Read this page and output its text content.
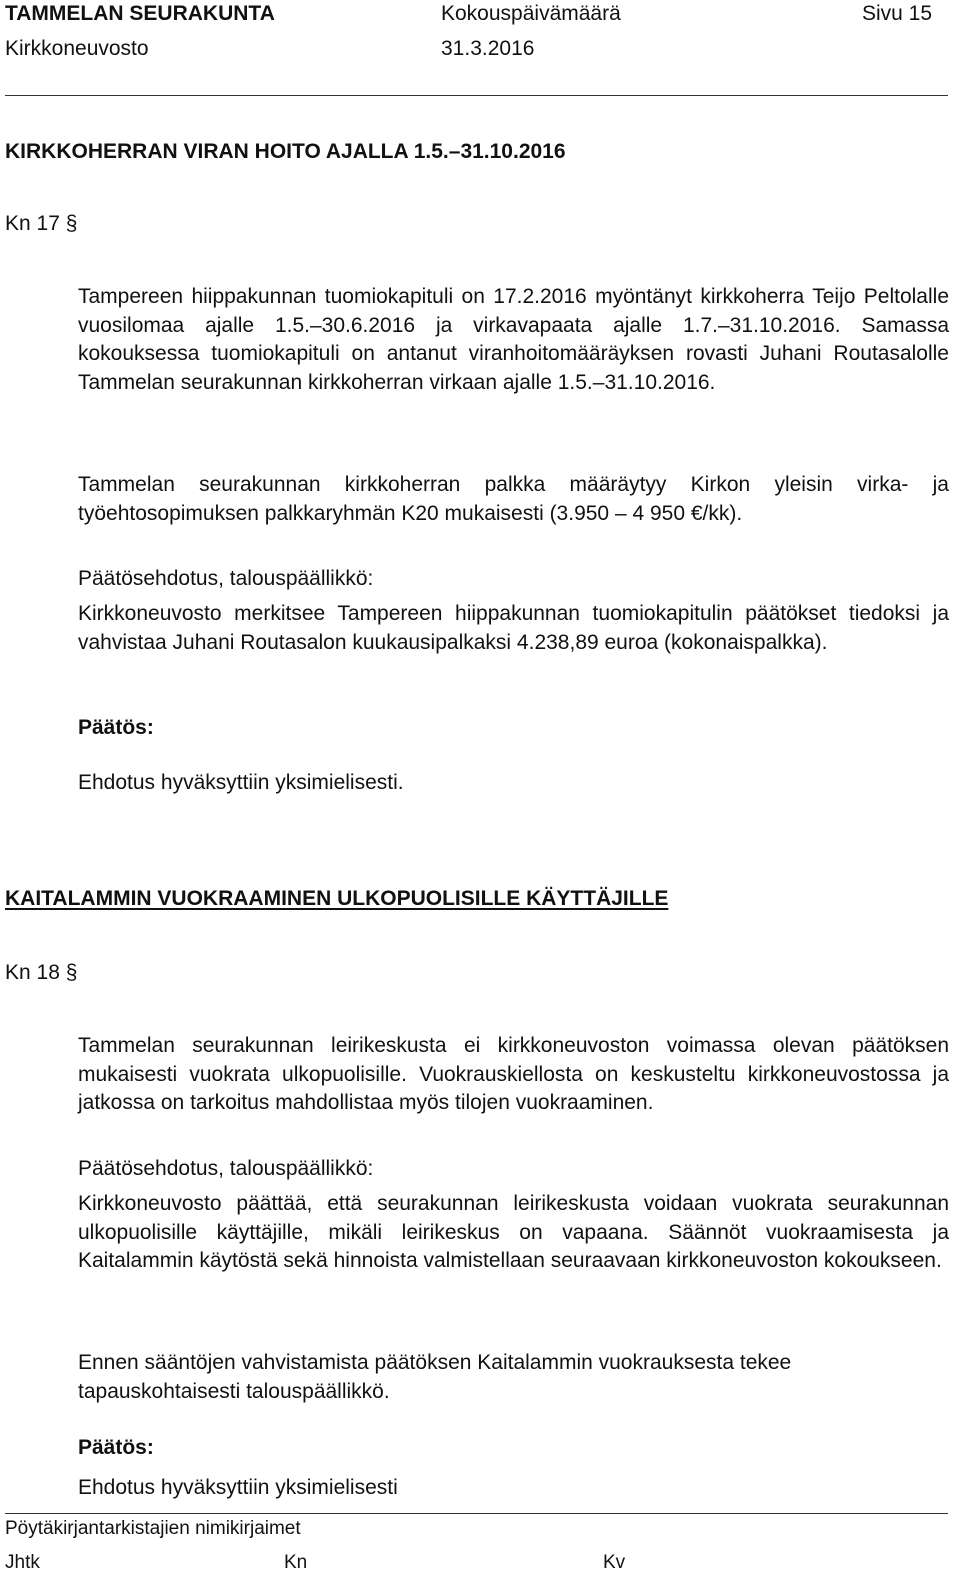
TAMMELAN SEURAKUNTA	Kokouspäivämäärä	Sivu 15
Kirkkoneuvosto	31.3.2016
KIRKKOHERRAN VIRAN HOITO AJALLA 1.5.–31.10.2016
Kn 17 §

Tampereen hiippakunnan tuomiokapituli on 17.2.2016 myöntänyt kirkkoherra Teijo Peltolalle vuosilomaa ajalle 1.5.–30.6.2016 ja virkavapaata ajalle 1.7.–31.10.2016. Samassa kokouksessa tuomiokapituli on antanut viranhoitomääräyksen rovasti Juhani Routasalolle Tammelan seurakunnan kirkkoherran virkaan ajalle 1.5.–31.10.2016.

Tammelan seurakunnan kirkkoherran palkka määräytyy Kirkon yleisin virka- ja työehtosopimuksen palkkaryhmän K20 mukaisesti (3.950 – 4 950 €/kk).

Päätösehdotus, talouspäällikkö:

Kirkkoneuvosto merkitsee Tampereen hiippakunnan tuomiokapitulin päätökset tiedoksi ja vahvistaa Juhani Routasalon kuukausipalkaksi 4.238,89 euroa (kokonaispalkka).

Päätös:
Ehdotus hyväksyttiin yksimielisesti.
KAITALAMMIN VUOKRAAMINEN ULKOPUOLISILLE KÄYTTÄJILLE
Kn 18 §

Tammelan seurakunnan leirikeskusta ei kirkkoneuvoston voimassa olevan päätöksen mukaisesti vuokrata ulkopuolisille. Vuokrauskiellosta on keskusteltu kirkkoneuvostossa ja jatkossa on tarkoitus mahdollistaa myös tilojen vuokraaminen.

Päätösehdotus, talouspäällikkö:

Kirkkoneuvosto päättää, että seurakunnan leirikeskusta voidaan vuokrata seurakunnan ulkopuolisille käyttäjille, mikäli leirikeskus on vapaana. Säännöt vuokraamisesta ja Kaitalammin käytöstä sekä hinnoista valmistellaan seuraavaan kirkkoneuvoston kokoukseen.

Ennen sääntöjen vahvistamista päätöksen Kaitalammin vuokrauksesta tekee tapauskohtaisesti talouspäällikkö.

Päätös:
Ehdotus hyväksyttiin yksimielisesti
Pöytäkirjantarkistajien nimikirjaimet
Jhtk	Kn	Kv
